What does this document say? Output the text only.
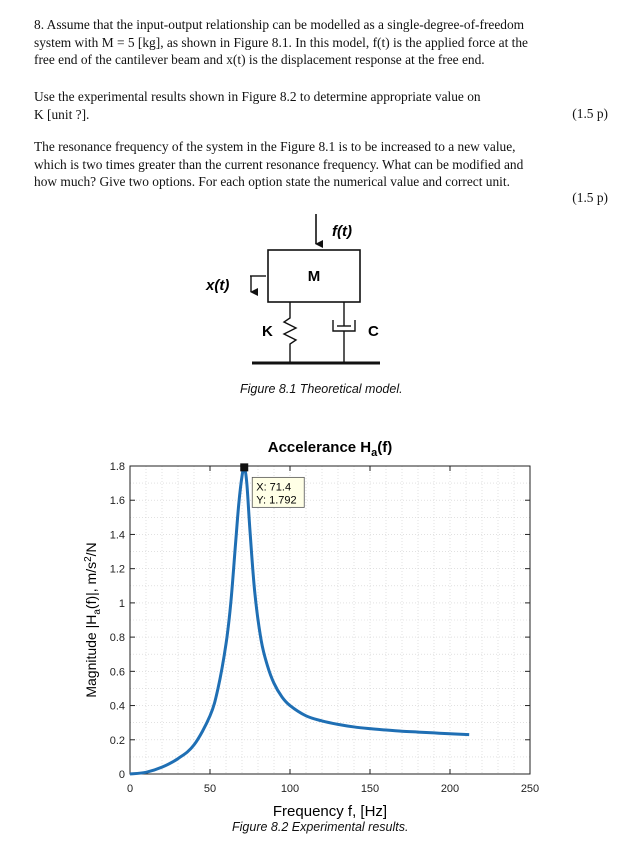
8. Assume that the input-output relationship can be modelled as a single-degree-of-freedom

system with M = 5 [kg], as shown in Figure 8.1. In this model, f(t) is the applied force at the

free end of the cantilever beam and x(t) is the displacement response at the free end.

Use the experimental results shown in Figure 8.2 to determine appropriate value on

K [unit ?].	(1.5 p)

The resonance frequency of the system in the Figure 8.1 is to be increased to a new value,

which is two times greater than the current resonance frequency. What can be modified and

how much? Give two options. For each option state the numerical value and correct unit.

(1.5 p)
f(t)
M
x(t)
K	C
Figure 8.1 Theoretical model.
0	50	100	150	200	250
0
0.2
0.4
0.6
0.8
1
1.2
1.4
1.6
1.8
X: 71.4
Y: 1.792
Accelerance $H_a(f)$
Frequency f, [Hz]
Magnitude $|H_a(f)|$, $m/s^2/N$
Figure 8.2 Experimental results.
